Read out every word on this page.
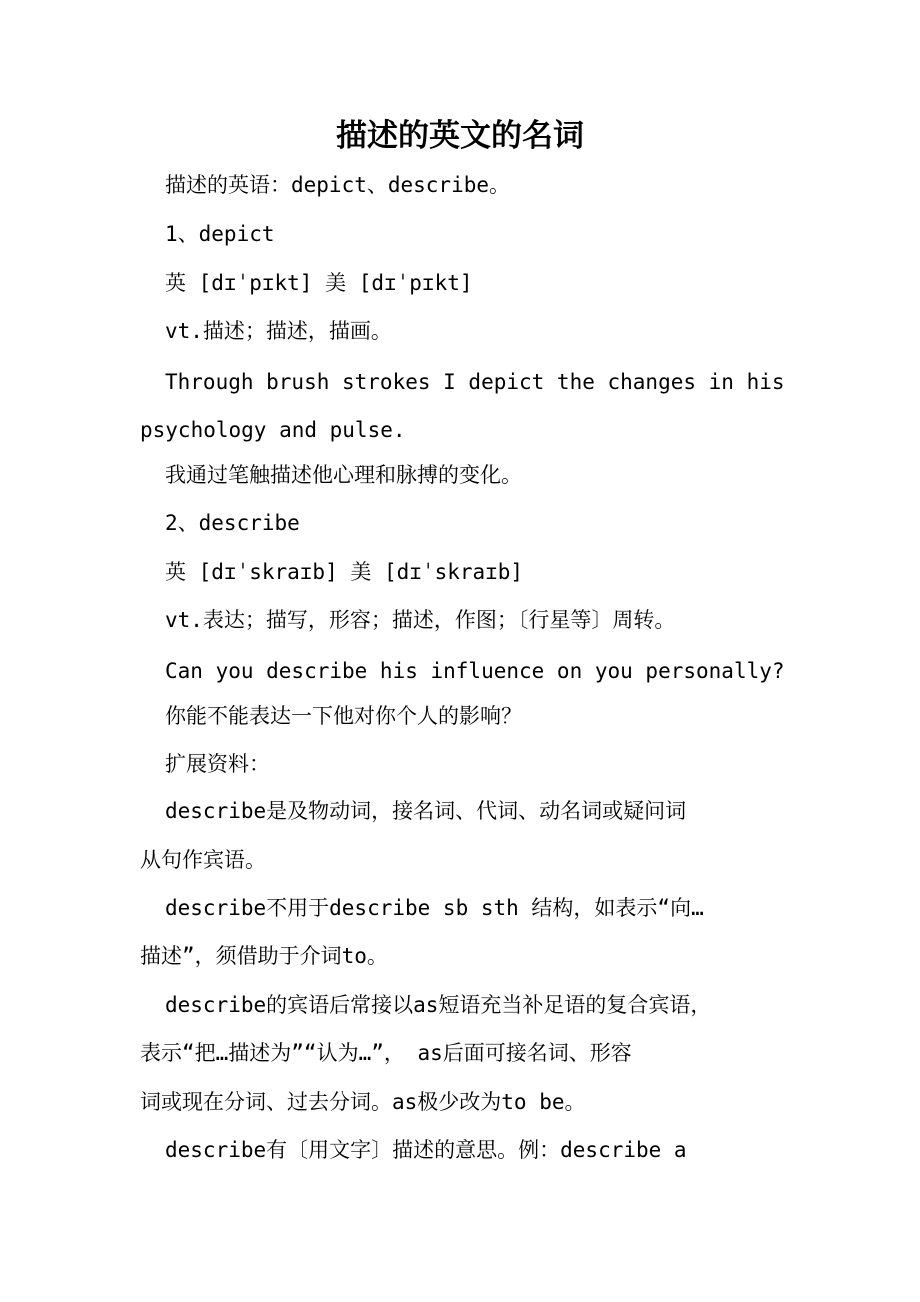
描述的英文的名词

描述的英语：depict、describe。

1、depict

英 [dɪˈpɪkt] 美 [dɪˈpɪkt]

vt.描述；描述，描画。

Through brush strokes I depict the changes in his

psychology and pulse.

我通过笔触描述他心理和脉搏的变化。

2、describe

英 [dɪˈskraɪb] 美 [dɪˈskraɪb]

vt.表达；描写，形容；描述，作图；〔行星等〕周转。

Can you describe his influence on you personally?

你能不能表达一下他对你个人的影响？

扩展资料：

describe是及物动词，接名词、代词、动名词或疑问词

从句作宾语。

describe不用于describe sb sth 结构，如表示“向…

描述”，须借助于介词to。

describe的宾语后常接以as短语充当补足语的复合宾语，

表示“把…描述为”“认为…”， as后面可接名词、形容

词或现在分词、过去分词。as极少改为to be。

describe有〔用文字〕描述的意思。例：describe a
